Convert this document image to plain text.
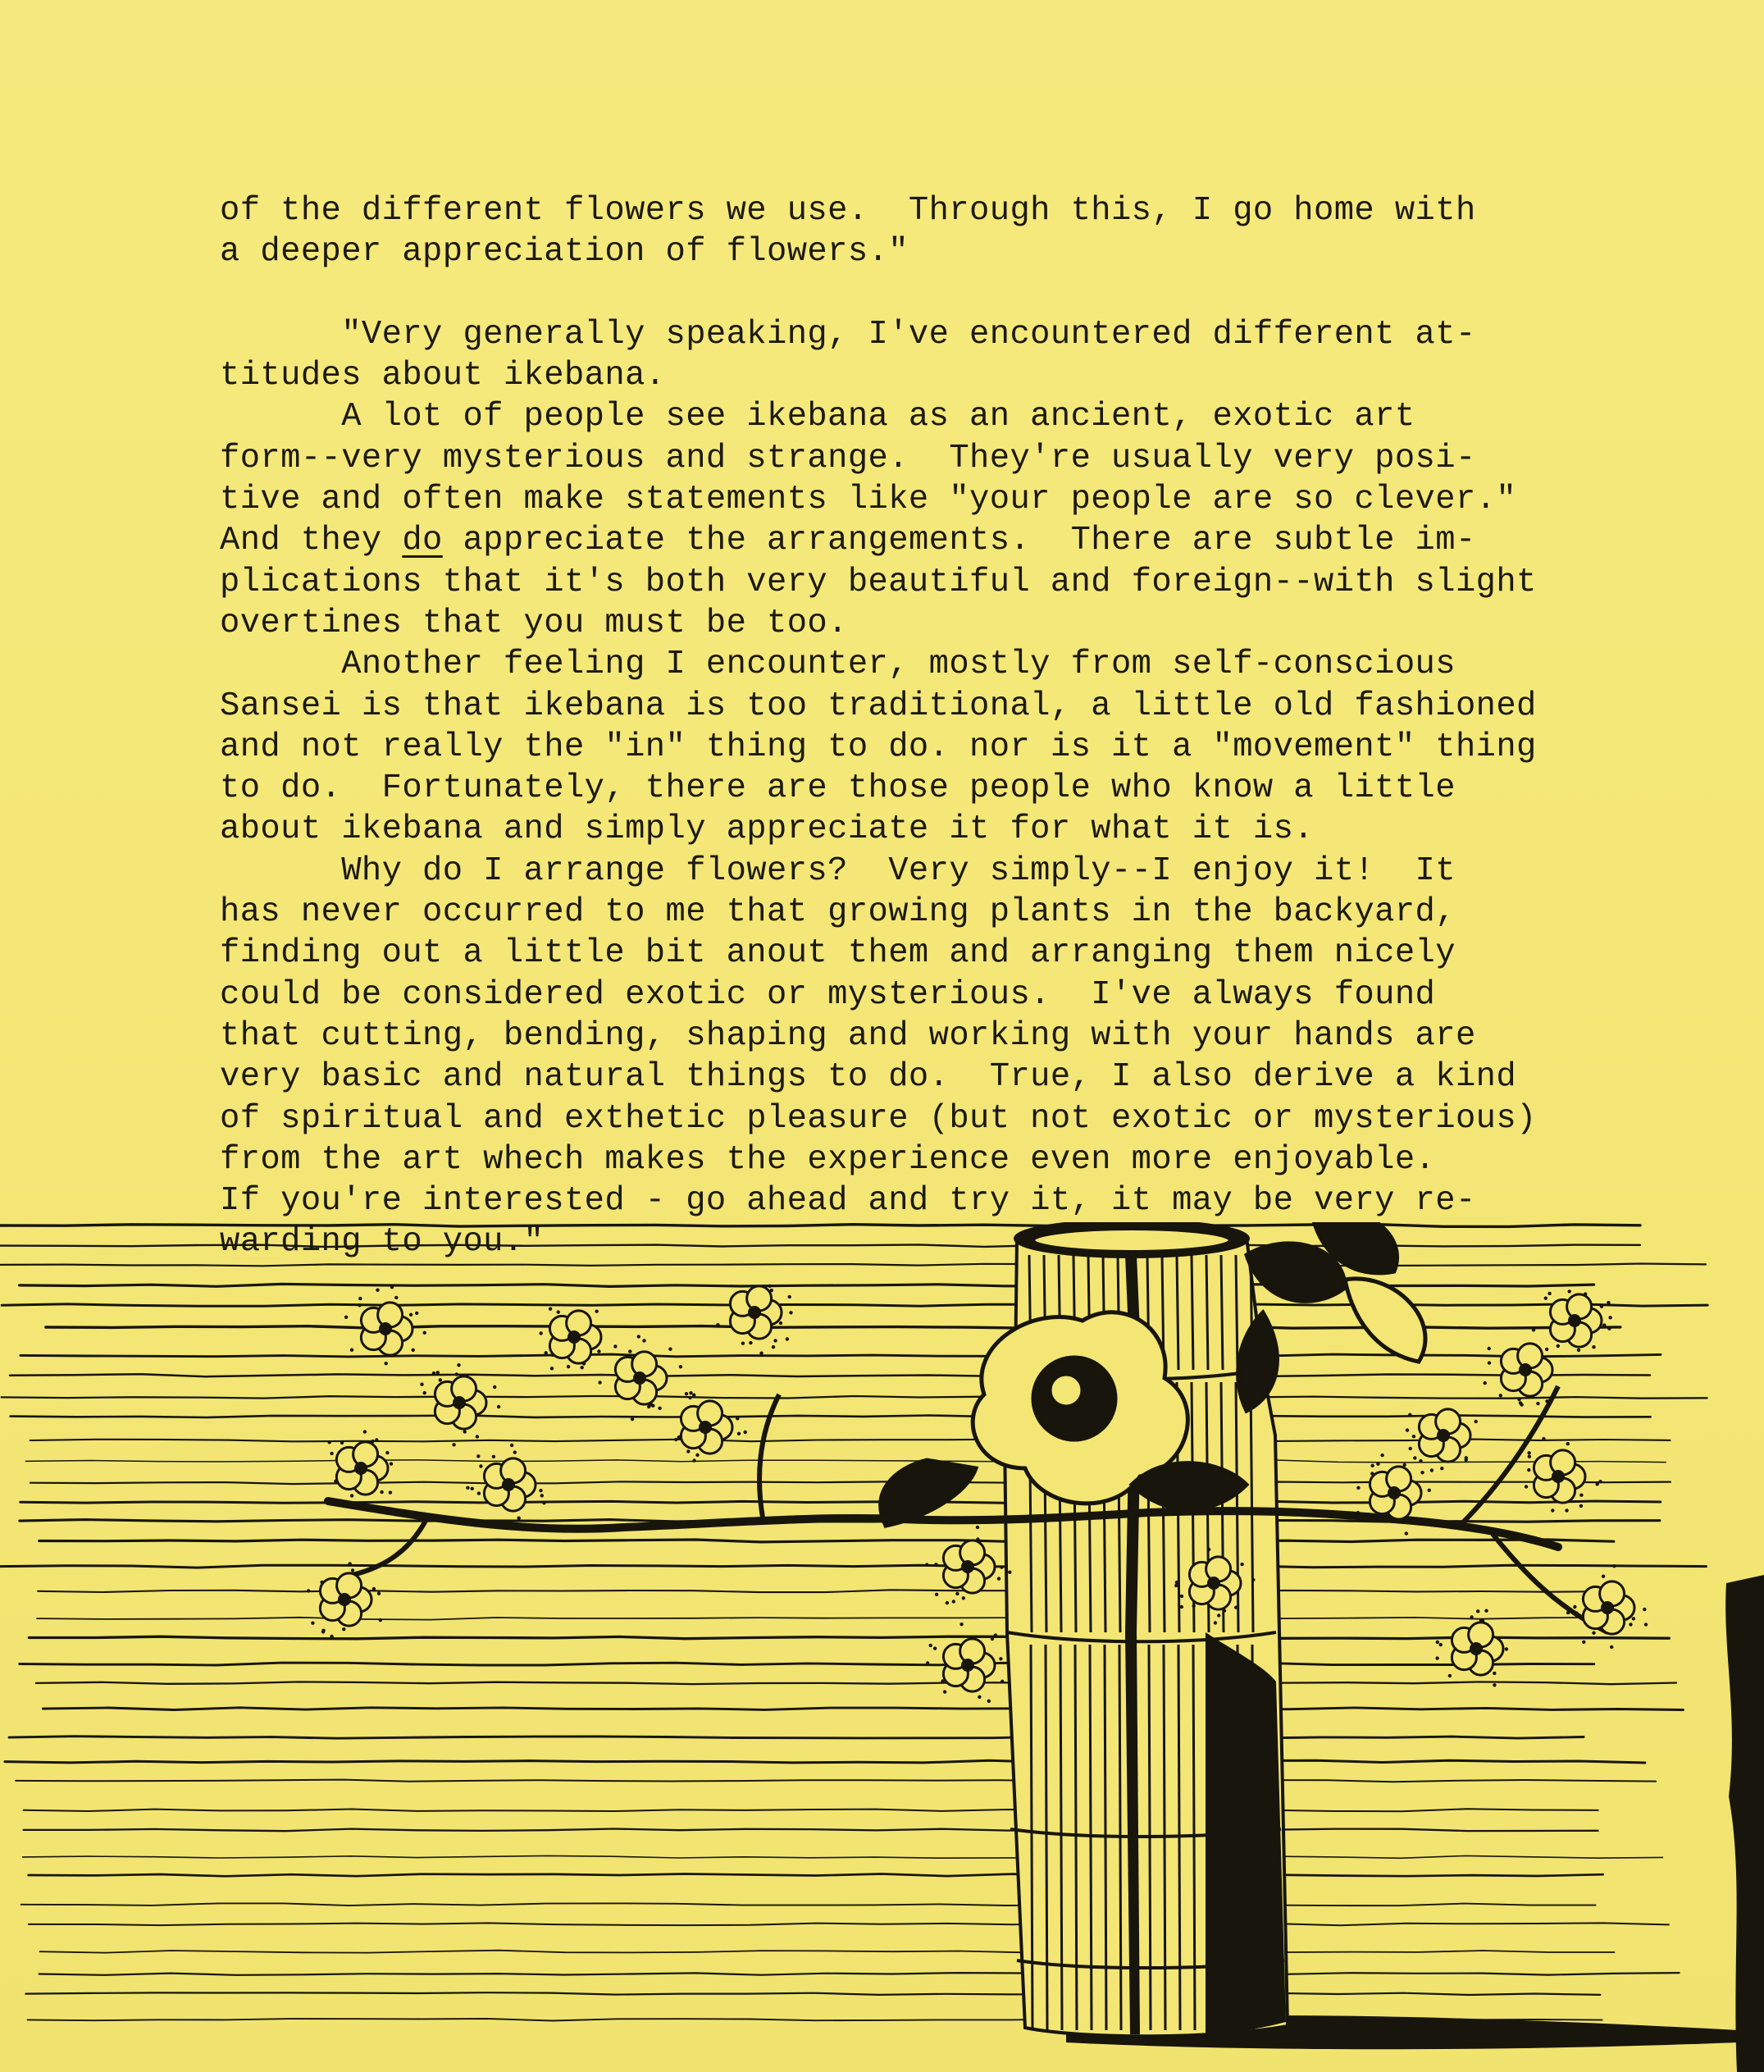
of the different flowers we use.  Through this, I go home with
a deeper appreciation of flowers."
"Very generally speaking, I've encountered different at-
titudes about ikebana.
A lot of people see ikebana as an ancient, exotic art
form--very mysterious and strange.  They're usually very posi-
tive and often make statements like "your people are so clever."
And they do appreciate the arrangements.  There are subtle im-
plications that it's both very beautiful and foreign--with slight
overtines that you must be too.
Another feeling I encounter, mostly from self-conscious
Sansei is that ikebana is too traditional, a little old fashioned
and not really the "in" thing to do. nor is it a "movement" thing
to do.  Fortunately, there are those people who know a little
about ikebana and simply appreciate it for what it is.
Why do I arrange flowers?  Very simply--I enjoy it!  It
has never occurred to me that growing plants in the backyard,
finding out a little bit anout them and arranging them nicely
could be considered exotic or mysterious.  I've always found
that cutting, bending, shaping and working with your hands are
very basic and natural things to do.  True, I also derive a kind
of spiritual and exthetic pleasure (but not exotic or mysterious)
from the art whech makes the experience even more enjoyable.
If you're interested - go ahead and try it, it may be very re-
warding to you."
